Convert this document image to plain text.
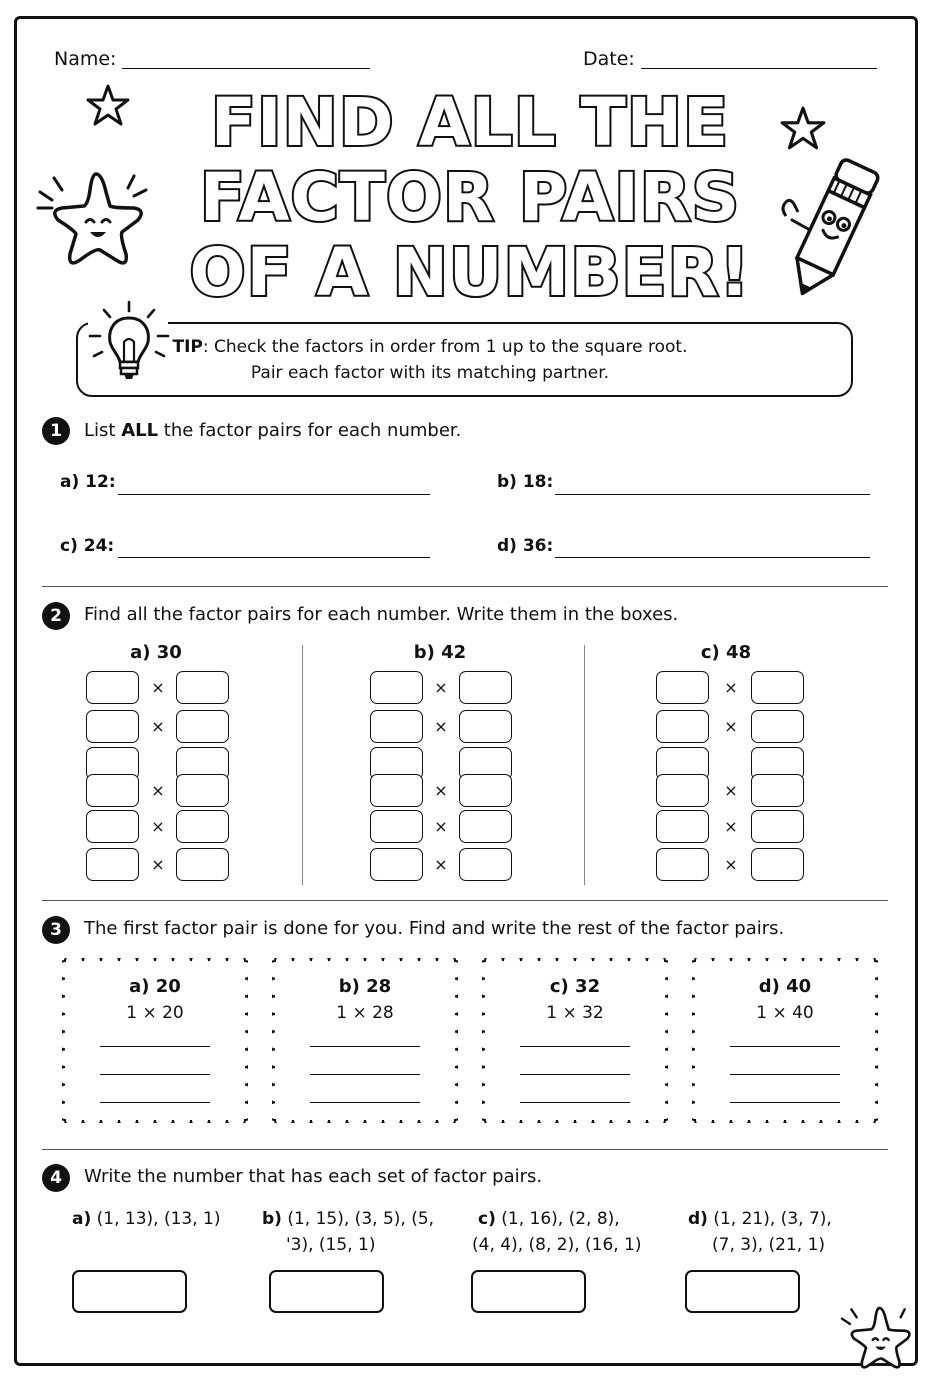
Name:	Date:
FIND ALL THE
FACTOR PAIRS
OF A NUMBER!
TIP: Check the factors in order from 1 up to the square root.
Pair each factor with its matching partner.
1	List ALL the factor pairs for each number.
a) 12:	b) 18:
c) 24:	d) 36:
2	Find all the factor pairs for each number. Write them in the boxes.
a) 30	b) 42	c) 48
×
×
×
×
×
×
×
×
×
×
×
×
×
×
×
3	The first factor pair is done for you. Find and write the rest of the factor pairs.
a) 20
1 × 20
b) 28
1 × 28
c) 32
1 × 32
d) 40
1 × 40
4	Write the number that has each set of factor pairs.
a) (1, 13), (13, 1) b) (1, 15), (3, 5), (5,
'3), (15, 1)
c) (1, 16), (2, 8),
(4, 4), (8, 2), (16, 1)
d) (1, 21), (3, 7),
(7, 3), (21, 1)
